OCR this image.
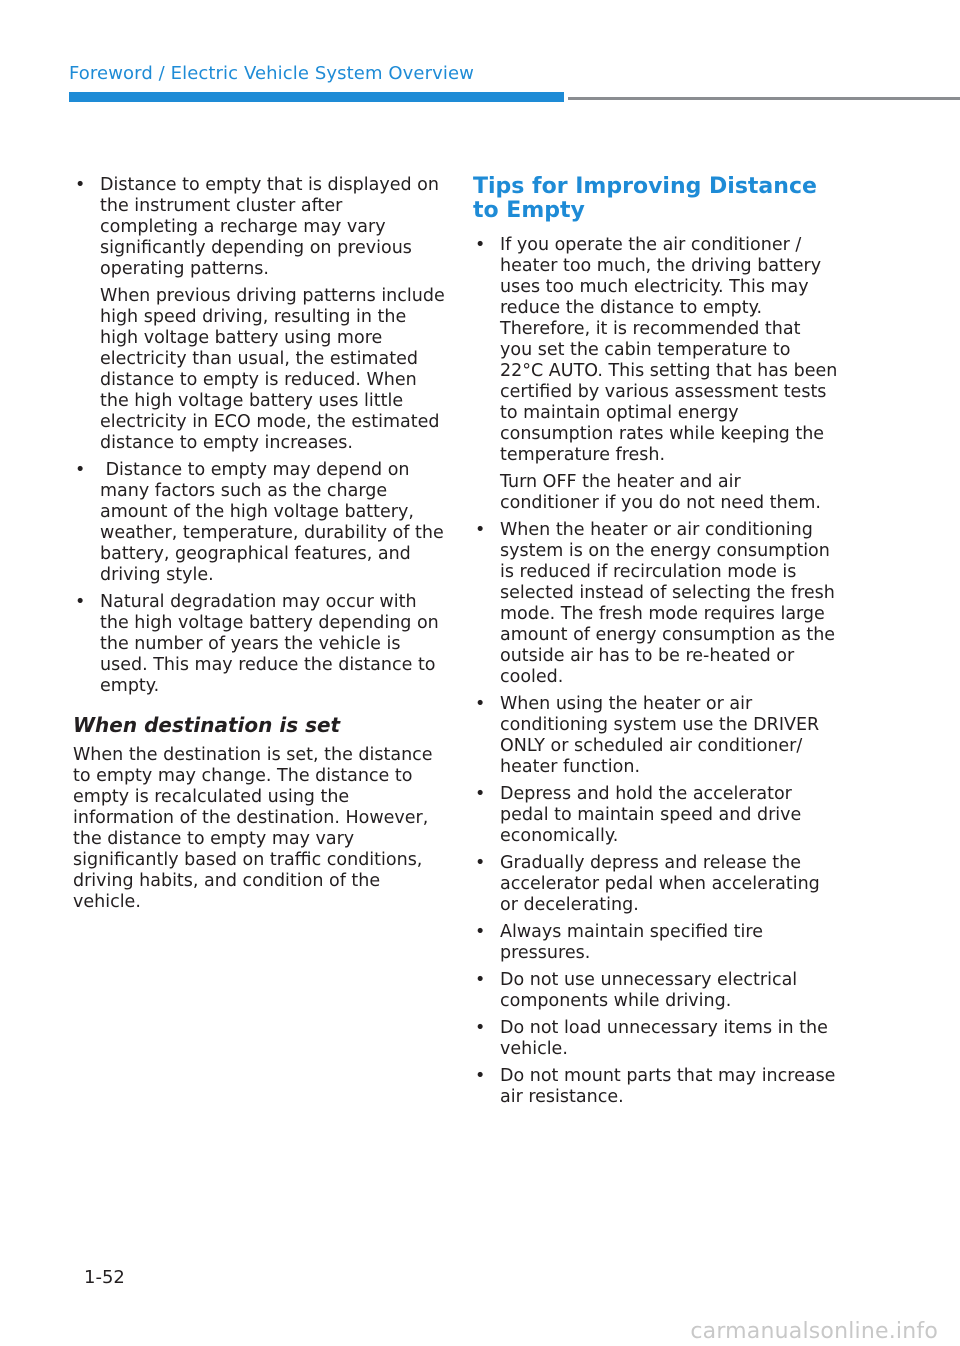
Foreword / Electric Vehicle System Overview
• Distance to empty that is displayed on the instrument cluster after completing a recharge may vary significantly depending on previous operating patterns.

When previous driving patterns include high speed driving, resulting in the high voltage battery using more electricity than usual, the estimated distance to empty is reduced. When the high voltage battery uses little electricity in ECO mode, the estimated distance to empty increases.

• Distance to empty may depend on many factors such as the charge amount of the high voltage battery, weather, temperature, durability of the battery, geographical features, and driving style.

• Natural degradation may occur with the high voltage battery depending on the number of years the vehicle is used. This may reduce the distance to empty.

When destination is set

When the destination is set, the distance to empty may change. The distance to empty is recalculated using the information of the destination. However, the distance to empty may vary significantly based on traffic conditions, driving habits, and condition of the vehicle.

Tips for Improving Distance to Empty
• If you operate the air conditioner / heater too much, the driving battery uses too much electricity. This may reduce the distance to empty. Therefore, it is recommended that you set the cabin temperature to 22°C AUTO. This setting that has been certified by various assessment tests to maintain optimal energy consumption rates while keeping the temperature fresh.

Turn OFF the heater and air conditioner if you do not need them.

• When the heater or air conditioning system is on the energy consumption is reduced if recirculation mode is selected instead of selecting the fresh mode. The fresh mode requires large amount of energy consumption as the outside air has to be re-heated or cooled.

• When using the heater or air conditioning system use the DRIVER ONLY or scheduled air conditioner/ heater function.

• Depress and hold the accelerator pedal to maintain speed and drive economically.

• Gradually depress and release the accelerator pedal when accelerating or decelerating.

• Always maintain specified tire pressures.

• Do not use unnecessary electrical components while driving.

• Do not load unnecessary items in the vehicle.

• Do not mount parts that may increase air resistance.

1-52
carmanualsonline.info
